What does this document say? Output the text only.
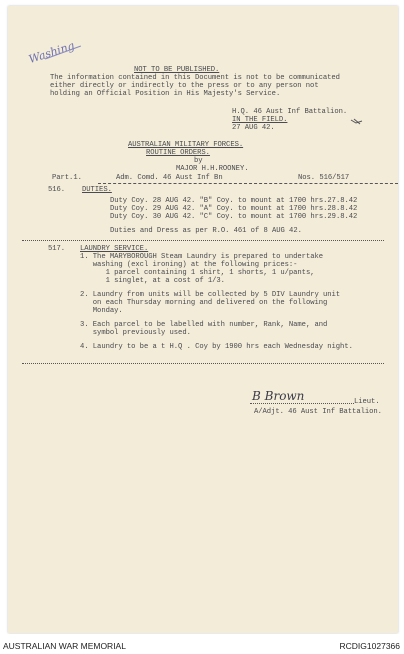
Washing
NOT TO BE PUBLISHED.
The information contained in this Document is not to be communicated
either directly or indirectly to the press or to any person not
holding an Official Position in His Majesty's Service.
H.Q. 46 Aust Inf Battalion.
IN THE FIELD.
27 AUG 42.
AUSTRALIAN MILITARY FORCES.
ROUTINE ORDERS.
by
MAJOR H.H.ROONEY.
Part.1.	Adm. Comd. 46 Aust Inf Bn	Nos. 516/517
516. DUTIES.
Duty Coy. 28 AUG 42. "B" Coy. to mount at 1700 hrs.27.8.42
Duty Coy. 29 AUG 42. "A" Coy. to mount at 1700 hrs.28.8.42
Duty Coy. 30 AUG 42. "C" Coy. to mount at 1700 hrs.29.8.42
Duties and Dress as per R.O. 461 of 8 AUG 42.
517. LAUNDRY SERVICE.
1. The MARYBOROUGH Steam Laundry is prepared to undertake
washing (excl ironing) at the following prices:-
1 parcel containing 1 shirt, 1 shorts, 1 u/pants,
1 singlet, at a cost of 1/3.
2. Laundry from units will be collected by 5 DIV Laundry unit
on each Thursday morning and delivered on the following
Monday.
3. Each parcel to be labelled with number, Rank, Name, and
symbol previously used.
4. Laundry to be a t H.Q . Coy by 1900 hrs each Wednesday night.
B Brown	Lieut.
A/Adjt. 46 Aust Inf Battalion.
AUSTRALIAN WAR MEMORIAL	RCDIG1027366
